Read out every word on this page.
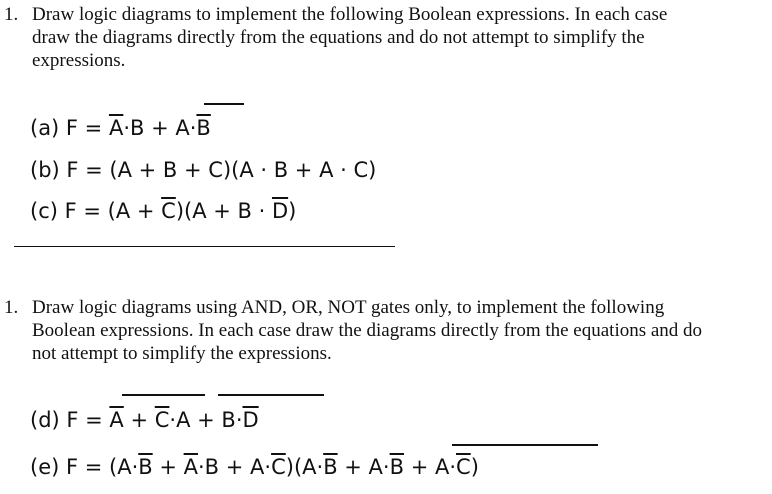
1. Draw logic diagrams to implement the following Boolean expressions. In each case
draw the diagrams directly from the equations and do not attempt to simplify the
expressions.
(a) $F = \overline{A}\cdot B + A\cdot\overline{B}$
(b) F = (A + B + C)(A · B + A · C)
(c) $F = (A + \overline{C})(A + B \cdot \overline{D})$
1. Draw logic diagrams using AND, OR, NOT gates only, to implement the following
Boolean expressions. In each case draw the diagrams directly from the equations and do
not attempt to simplify the expressions.
(d) $F = \overline{A} + \overline{C}\cdot A + B\cdot\overline{D}$
(e) $F = (A\cdot\overline{B} + \overline{A}\cdot B + A\cdot\overline{C})(A\cdot\overline{B} + A\cdot\overline{B} + A\cdot\overline{C})$
